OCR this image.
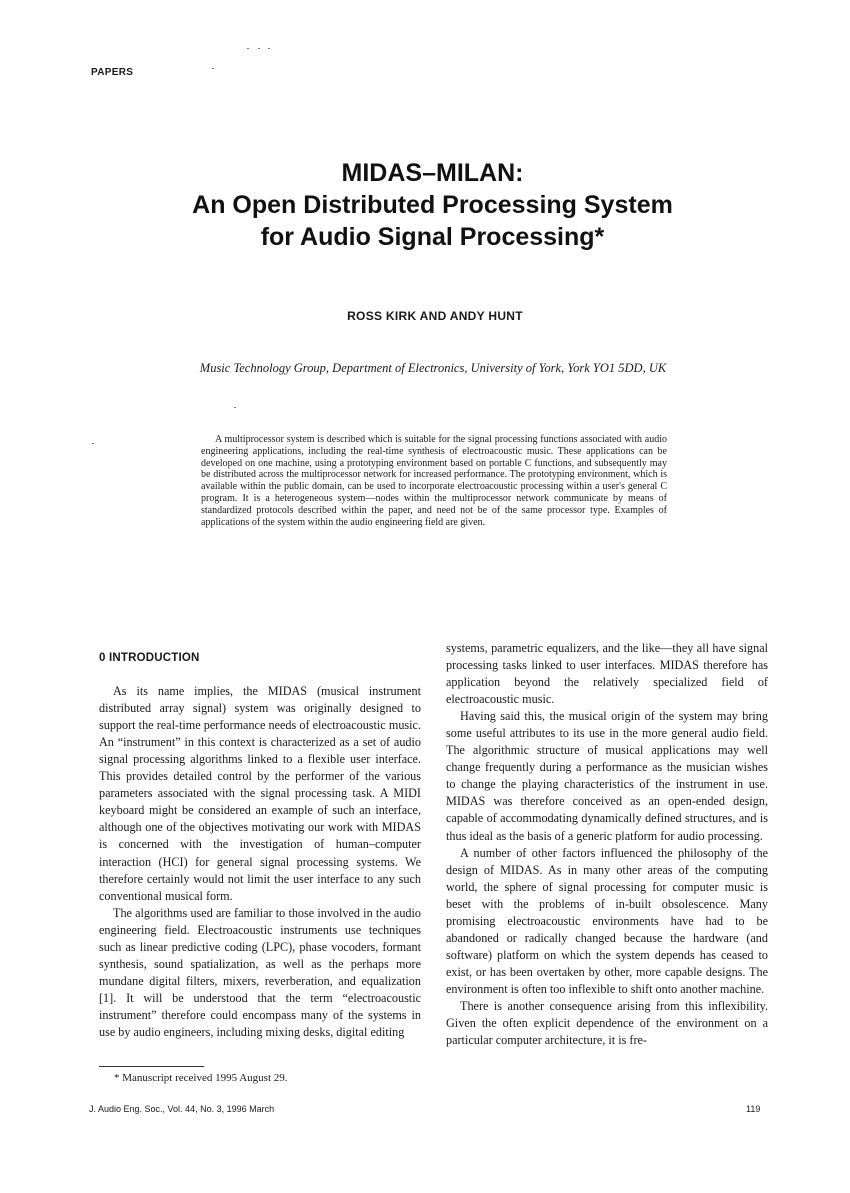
PAPERS
MIDAS–MILAN:
An Open Distributed Processing System
for Audio Signal Processing*
ROSS KIRK AND ANDY HUNT
Music Technology Group, Department of Electronics, University of York, York YO1 5DD, UK

A multiprocessor system is described which is suitable for the signal processing functions associated with audio engineering applications, including the real-time synthesis of electroacoustic music. These applications can be developed on one machine, using a prototyping environment based on portable C functions, and subsequently may be distributed across the multiprocessor network for increased performance. The prototyping environment, which is available within the public domain, can be used to incorporate electroacoustic processing within a user's general C program. It is a heterogeneous system—nodes within the multiprocessor network communicate by means of standardized protocols described within the paper, and need not be of the same processor type. Examples of applications of the system within the audio engineering field are given.

0 INTRODUCTION

As its name implies, the MIDAS (musical instrument distributed array signal) system was originally designed to support the real-time performance needs of electroacoustic music. An “instrument” in this context is characterized as a set of audio signal processing algorithms linked to a flexible user interface. This provides detailed control by the performer of the various parameters associated with the signal processing task. A MIDI keyboard might be considered an example of such an interface, although one of the objectives motivating our work with MIDAS is concerned with the investigation of human–computer interaction (HCI) for general signal processing systems. We therefore certainly would not limit the user interface to any such conventional musical form.

The algorithms used are familiar to those involved in the audio engineering field. Electroacoustic instruments use techniques such as linear predictive coding (LPC), phase vocoders, formant synthesis, sound spatialization, as well as the perhaps more mundane digital filters, mixers, reverberation, and equalization [1]. It will be understood that the term “electroacoustic instrument” therefore could encompass many of the systems in use by audio engineers, including mixing desks, digital editing

systems, parametric equalizers, and the like—they all have signal processing tasks linked to user interfaces. MIDAS therefore has application beyond the relatively specialized field of electroacoustic music.

Having said this, the musical origin of the system may bring some useful attributes to its use in the more general audio field. The algorithmic structure of musical applications may well change frequently during a performance as the musician wishes to change the playing characteristics of the instrument in use. MIDAS was therefore conceived as an open-ended design, capable of accommodating dynamically defined structures, and is thus ideal as the basis of a generic platform for audio processing.

A number of other factors influenced the philosophy of the design of MIDAS. As in many other areas of the computing world, the sphere of signal processing for computer music is beset with the problems of in-built obsolescence. Many promising electroacoustic environments have had to be abandoned or radically changed because the hardware (and software) platform on which the system depends has ceased to exist, or has been overtaken by other, more capable designs. The environment is often too inflexible to shift onto another machine.

There is another consequence arising from this inflexibility. Given the often explicit dependence of the environment on a particular computer architecture, it is fre-

* Manuscript received 1995 August 29.
J. Audio Eng. Soc., Vol. 44, No. 3, 1996 March	119
